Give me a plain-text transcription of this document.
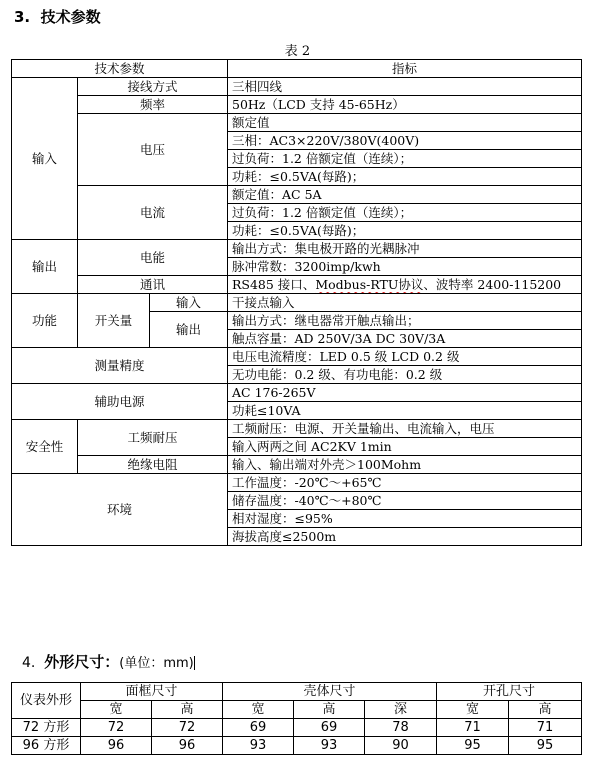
3. 技术参数
表 2
技术参数			指标
输入	接线方式		三相四线
	频率		50Hz（LCD 支持 45-65Hz）
	电压		额定值
			三相：AC3×220V/380V(400V)
			过负荷：1.2 倍额定值（连续）；
			功耗：≤0.5VA(每路)；
	电流		额定值：AC 5A
			过负荷：1.2 倍额定值（连续）；
			功耗：≤0.5VA(每路)；
输出	电能		输出方式：集电极开路的光耦脉冲
			脉冲常数：3200imp/kwh
	通讯		RS485 接口、Modbus-RTU协议、波特率 2400-115200
功能	开关量	输入	干接点输入
		输出	输出方式：继电器常开触点输出；
			触点容量：AD 250V/3A DC 30V/3A
测量精度			电压电流精度：LED 0.5 级 LCD 0.2 级
			无功电能：0.2 级、有功电能：0.2 级
辅助电源			AC 176-265V
			功耗≤10VA
安全性	工频耐压		工频耐压：电源、开关量输出、电流输入，电压
			输入两两之间 AC2KV 1min
	绝缘电阻		输入、输出端对外壳＞100Mohm
环境			工作温度：-20℃～+65℃
			储存温度：-40℃～+80℃
			相对湿度：≤95%
			海拔高度≤2500m
4. 外形尺寸：(单位：mm)
仪表外形	面框尺寸		壳体尺寸			开孔尺寸	
	宽	高	宽	高	深	宽	高
72 方形	72	72	69	69	78	71	71
96 方形	96	96	93	93	90	95	95
